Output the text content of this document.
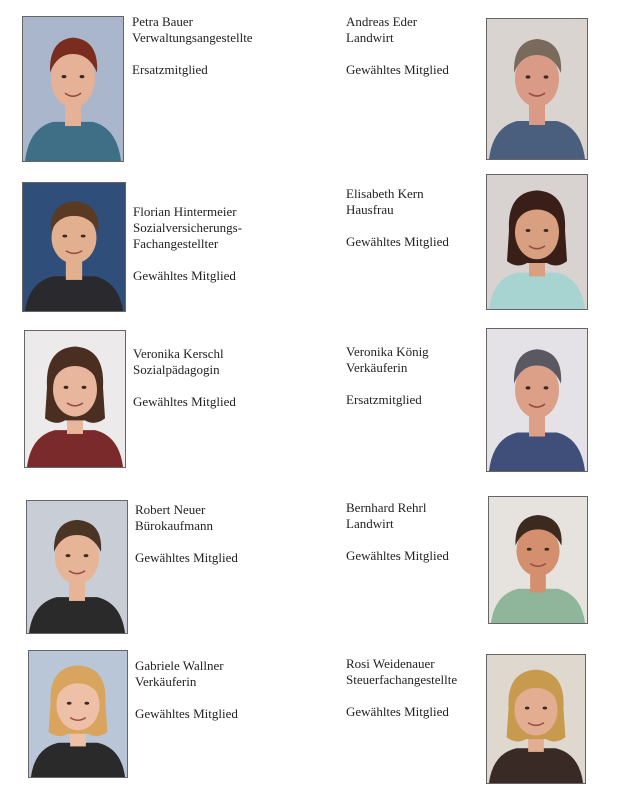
Petra Bauer
Verwaltungsangestellte
Ersatzmitglied
Andreas Eder
Landwirt
Gewähltes Mitglied
Florian Hintermeier
Sozialversicherungs-
Fachangestellter
Gewähltes Mitglied
Elisabeth Kern
Hausfrau
Gewähltes Mitglied
Veronika Kerschl
Sozialpädagogin
Gewähltes Mitglied
Veronika König
Verkäuferin
Ersatzmitglied
Robert Neuer
Bürokaufmann
Gewähltes Mitglied
Bernhard Rehrl
Landwirt
Gewähltes Mitglied
Gabriele Wallner
Verkäuferin
Gewähltes Mitglied
Rosi Weidenauer
Steuerfachangestellte
Gewähltes Mitglied
